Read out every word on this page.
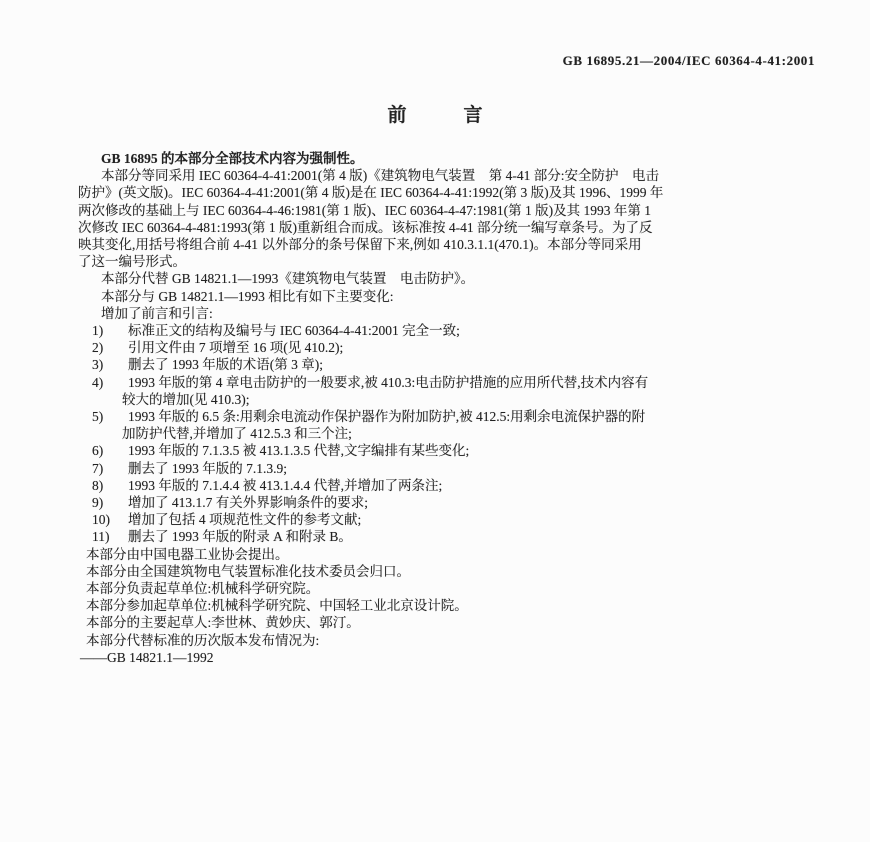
GB 16895.21—2004/IEC 60364-4-41:2001
前　　　言
GB 16895 的本部分全部技术内容为强制性。
本部分等同采用 IEC 60364-4-41:2001(第 4 版)《建筑物电气装置　第 4-41 部分:安全防护　电击
防护》(英文版)。IEC 60364-4-41:2001(第 4 版)是在 IEC 60364-4-41:1992(第 3 版)及其 1996、1999 年
两次修改的基础上与 IEC 60364-4-46:1981(第 1 版)、IEC 60364-4-47:1981(第 1 版)及其 1993 年第 1
次修改 IEC 60364-4-481:1993(第 1 版)重新组合而成。该标准按 4-41 部分统一编写章条号。为了反
映其变化,用括号将组合前 4-41 以外部分的条号保留下来,例如 410.3.1.1(470.1)。本部分等同采用
了这一编号形式。
本部分代替 GB 14821.1—1993《建筑物电气装置　电击防护》。
本部分与 GB 14821.1—1993 相比有如下主要变化:
增加了前言和引言:
1) 标准正文的结构及编号与 IEC 60364-4-41:2001 完全一致;
2) 引用文件由 7 项增至 16 项(见 410.2);
3) 删去了 1993 年版的术语(第 3 章);
4) 1993 年版的第 4 章电击防护的一般要求,被 410.3:电击防护措施的应用所代替,技术内容有
较大的增加(见 410.3);
5) 1993 年版的 6.5 条:用剩余电流动作保护器作为附加防护,被 412.5:用剩余电流保护器的附
加防护代替,并增加了 412.5.3 和三个注;
6) 1993 年版的 7.1.3.5 被 413.1.3.5 代替,文字编排有某些变化;
7) 删去了 1993 年版的 7.1.3.9;
8) 1993 年版的 7.1.4.4 被 413.1.4.4 代替,并增加了两条注;
9) 增加了 413.1.7 有关外界影响条件的要求;
10) 增加了包括 4 项规范性文件的参考文献;
11) 删去了 1993 年版的附录 A 和附录 B。
本部分由中国电器工业协会提出。
本部分由全国建筑物电气装置标准化技术委员会归口。
本部分负责起草单位:机械科学研究院。
本部分参加起草单位:机械科学研究院、中国轻工业北京设计院。
本部分的主要起草人:李世林、黄妙庆、郭汀。
本部分代替标准的历次版本发布情况为:
——GB 14821.1—1992
